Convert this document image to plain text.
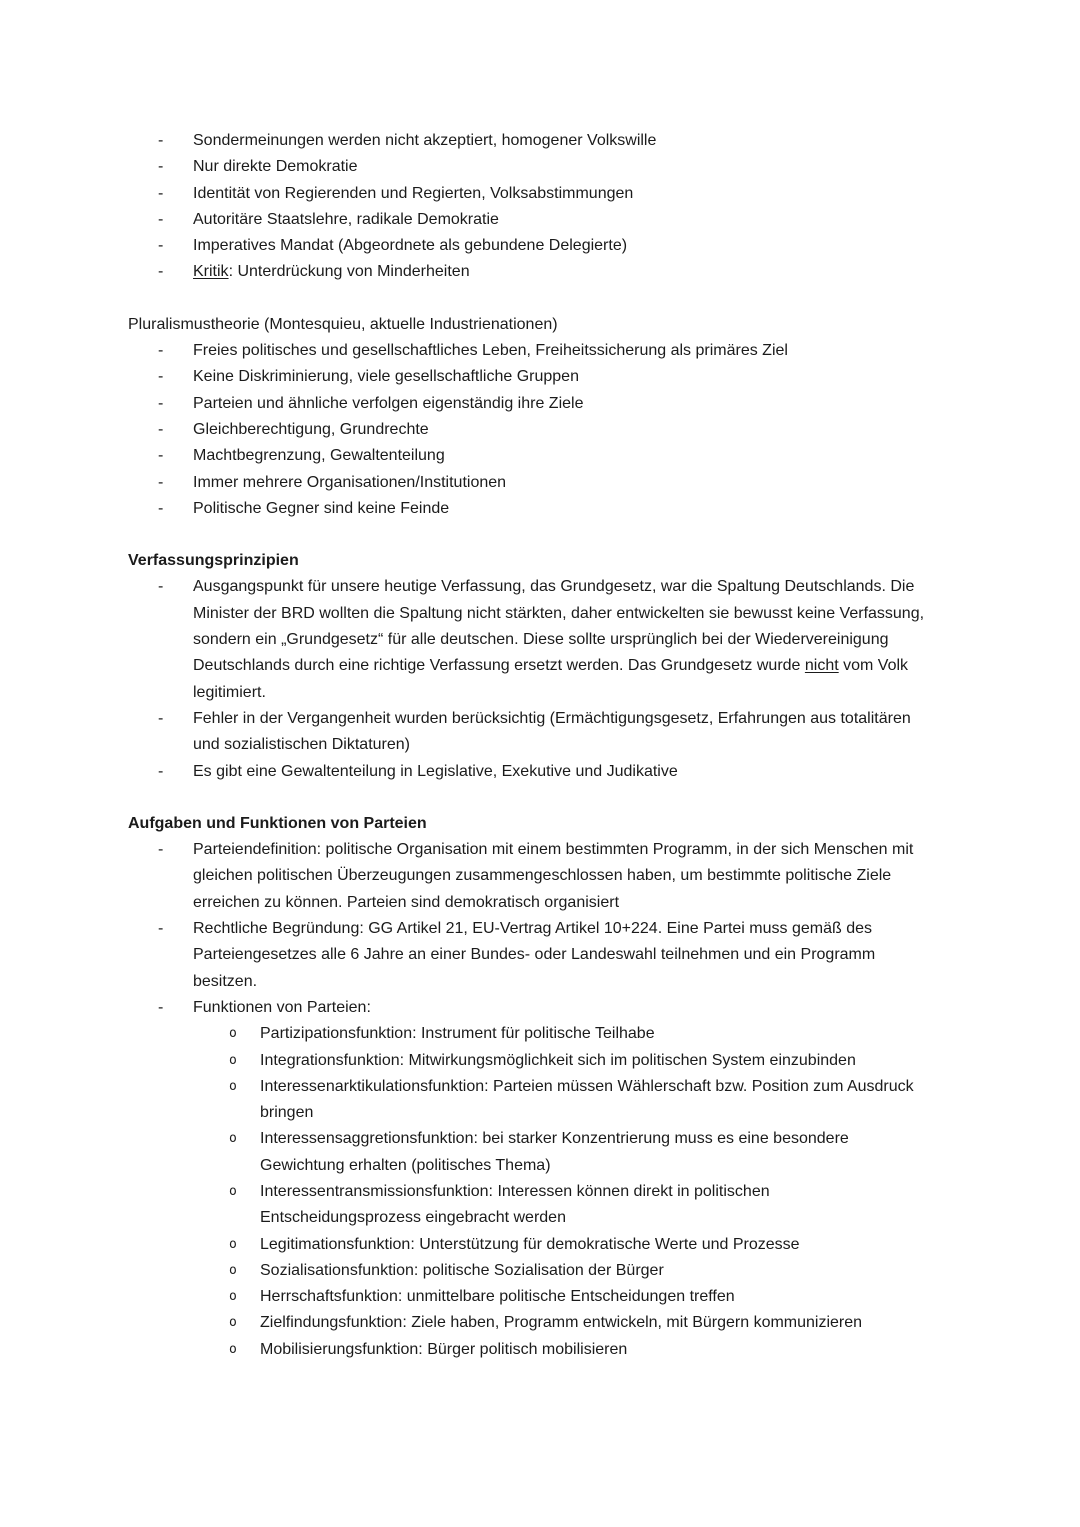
- Sondermeinungen werden nicht akzeptiert, homogener Volkswille
- Nur direkte Demokratie
- Identität von Regierenden und Regierten, Volksabstimmungen
- Autoritäre Staatslehre, radikale Demokratie
- Imperatives Mandat (Abgeordnete als gebundene Delegierte)
- Kritik: Unterdrückung von Minderheiten

Pluralismustheorie (Montesquieu, aktuelle Industrienationen)

- Freies politisches und gesellschaftliches Leben, Freiheitssicherung als primäres Ziel
- Keine Diskriminierung, viele gesellschaftliche Gruppen
- Parteien und ähnliche verfolgen eigenständig ihre Ziele
- Gleichberechtigung, Grundrechte
- Machtbegrenzung, Gewaltenteilung
- Immer mehrere Organisationen/Institutionen
- Politische Gegner sind keine Feinde

Verfassungsprinzipien

- Ausgangspunkt für unsere heutige Verfassung, das Grundgesetz, war die Spaltung Deutschlands. Die Minister der BRD wollten die Spaltung nicht stärkten, daher entwickelten sie bewusst keine Verfassung, sondern ein „Grundgesetz“ für alle deutschen. Diese sollte ursprünglich bei der Wiedervereinigung Deutschlands durch eine richtige Verfassung ersetzt werden. Das Grundgesetz wurde nicht vom Volk legitimiert.
- Fehler in der Vergangenheit wurden berücksichtig (Ermächtigungsgesetz, Erfahrungen aus totalitären und sozialistischen Diktaturen)
- Es gibt eine Gewaltenteilung in Legislative, Exekutive und Judikative

Aufgaben und Funktionen von Parteien

- Parteiendefinition: politische Organisation mit einem bestimmten Programm, in der sich Menschen mit gleichen politischen Überzeugungen zusammengeschlossen haben, um bestimmte politische Ziele erreichen zu können. Parteien sind demokratisch organisiert
- Rechtliche Begründung: GG Artikel 21, EU-Vertrag Artikel 10+224. Eine Partei muss gemäß des Parteiengesetzes alle 6 Jahre an einer Bundes- oder Landeswahl teilnehmen und ein Programm besitzen.
- Funktionen von Parteien:
o Partizipationsfunktion: Instrument für politische Teilhabe
o Integrationsfunktion: Mitwirkungsmöglichkeit sich im politischen System einzubinden
o Interessenarktikulationsfunktion: Parteien müssen Wählerschaft bzw. Position zum Ausdruck bringen
o Interessensaggretionsfunktion: bei starker Konzentrierung muss es eine besondere Gewichtung erhalten (politisches Thema)
o Interessentransmissionsfunktion: Interessen können direkt in politischen Entscheidungsprozess eingebracht werden
o Legitimationsfunktion: Unterstützung für demokratische Werte und Prozesse
o Sozialisationsfunktion: politische Sozialisation der Bürger
o Herrschaftsfunktion: unmittelbare politische Entscheidungen treffen
o Zielfindungsfunktion: Ziele haben, Programm entwickeln, mit Bürgern kommunizieren
o Mobilisierungsfunktion: Bürger politisch mobilisieren
